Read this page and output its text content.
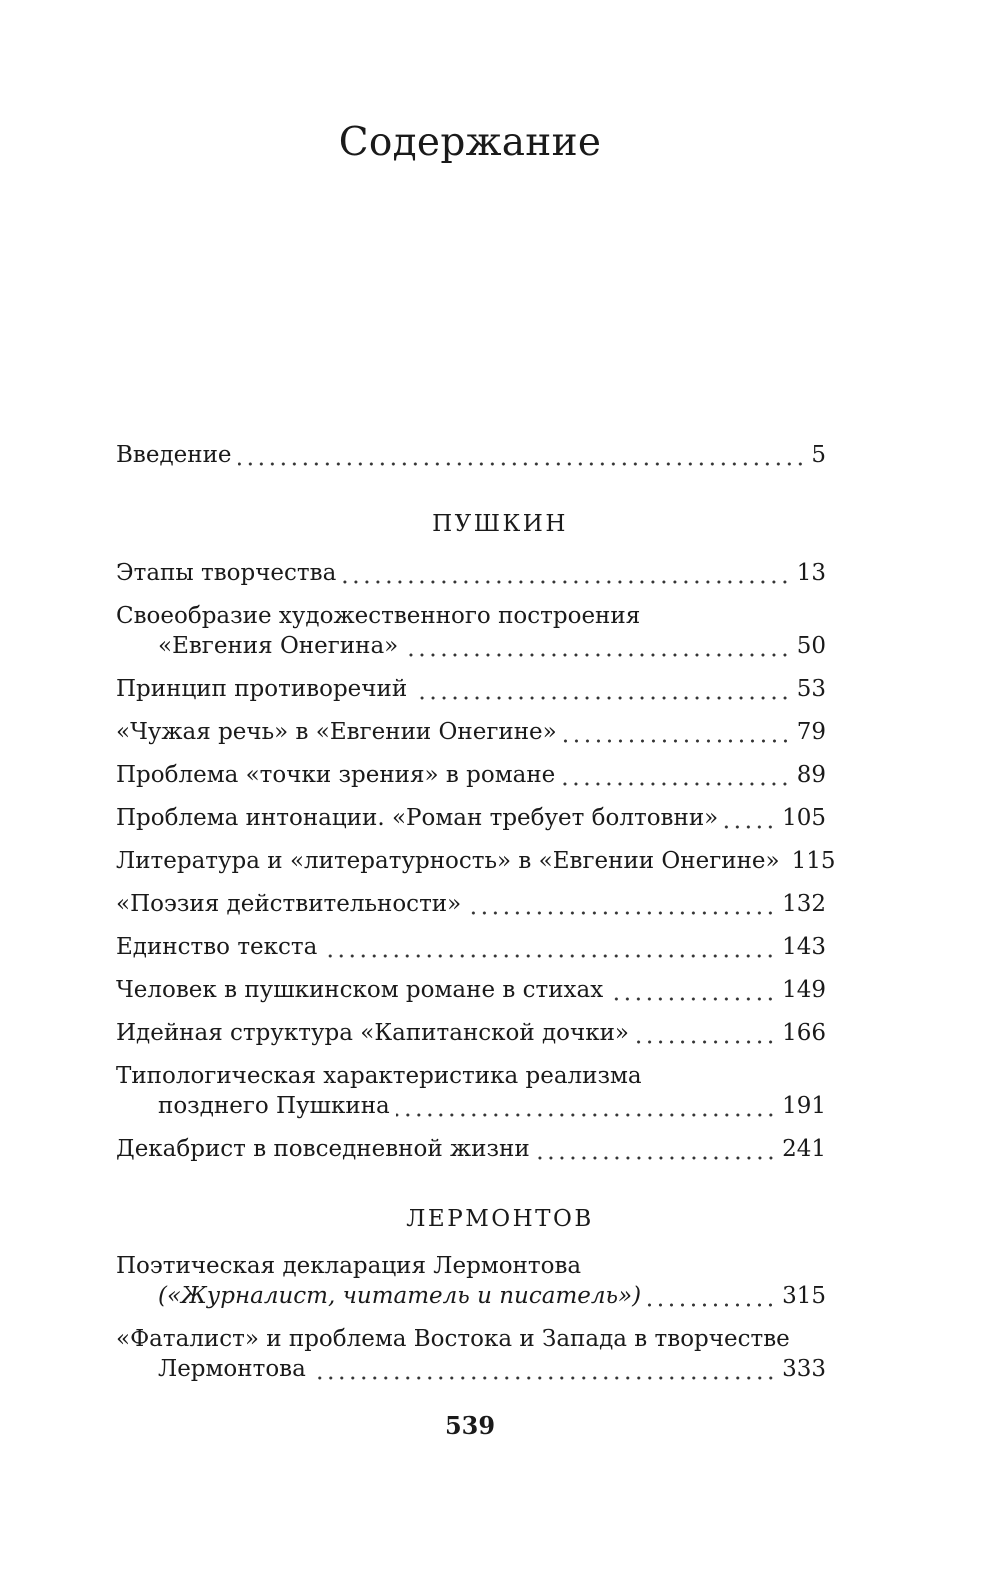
Содержание
Введение	5
ПУШКИН
Этапы творчества	13
Своеобразие художественного построения
«Евгения Онегина»	50
Принцип противоречий	53
«Чужая речь» в «Евгении Онегине»	79
Проблема «точки зрения» в романе	89
Проблема интонации. «Роман требует болтовни»	105
Литература и «литературность» в «Евгении Онегине» 115
«Поэзия действительности»	132
Единство текста	143
Человек в пушкинском романе в стихах	149
Идейная структура «Капитанской дочки»	166
Типологическая характеристика реализма
позднего Пушкина	191
Декабрист в повседневной жизни	241
ЛЕРМОНТОВ
Поэтическая декларация Лермонтова
(«Журналист, читатель и писатель»)	315
«Фаталист» и проблема Востока и Запада в творчестве
Лермонтова	333
539
